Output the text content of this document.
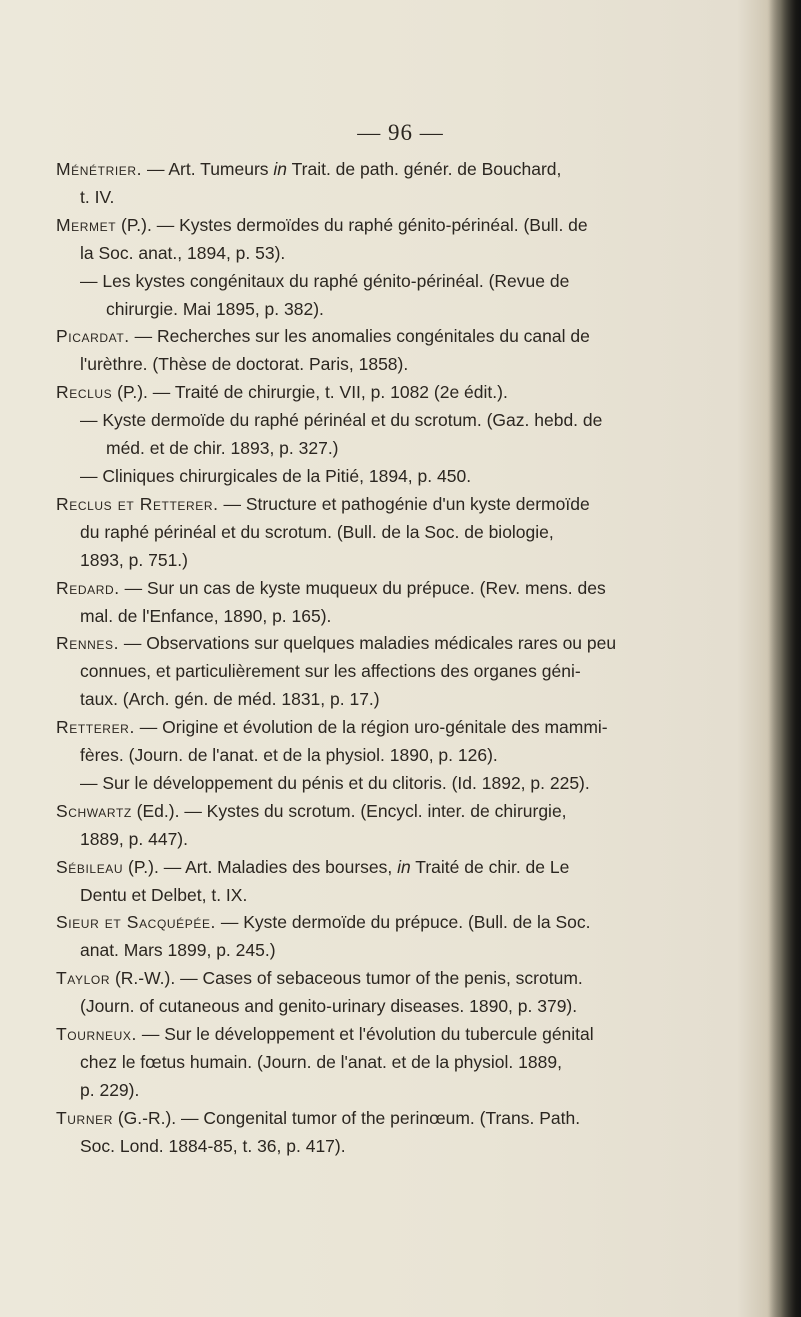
— 96 —
Ménétrier. — Art. Tumeurs in Trait. de path. génér. de Bouchard,
t. IV.
Mermet (P.). — Kystes dermoïdes du raphé génito-périnéal. (Bull. de
la Soc. anat., 1894, p. 53).
— Les kystes congénitaux du raphé génito-périnéal. (Revue de
chirurgie. Mai 1895, p. 382).
Picardat. — Recherches sur les anomalies congénitales du canal de
l'urèthre. (Thèse de doctorat. Paris, 1858).
Reclus (P.). — Traité de chirurgie, t. VII, p. 1082 (2e édit.).
— Kyste dermoïde du raphé périnéal et du scrotum. (Gaz. hebd. de
méd. et de chir. 1893, p. 327.)
— Cliniques chirurgicales de la Pitié, 1894, p. 450.
Reclus et Retterer. — Structure et pathogénie d'un kyste dermoïde
du raphé périnéal et du scrotum. (Bull. de la Soc. de biologie,
1893, p. 751.)
Redard. — Sur un cas de kyste muqueux du prépuce. (Rev. mens. des
mal. de l'Enfance, 1890, p. 165).
Rennes. — Observations sur quelques maladies médicales rares ou peu
connues, et particulièrement sur les affections des organes géni-
taux. (Arch. gén. de méd. 1831, p. 17.)
Retterer. — Origine et évolution de la région uro-génitale des mammi-
fères. (Journ. de l'anat. et de la physiol. 1890, p. 126).
— Sur le développement du pénis et du clitoris. (Id. 1892, p. 225).
Schwartz (Ed.). — Kystes du scrotum. (Encycl. inter. de chirurgie,
1889, p. 447).
Sébileau (P.). — Art. Maladies des bourses, in Traité de chir. de Le
Dentu et Delbet, t. IX.
Sieur et Sacquépée. — Kyste dermoïde du prépuce. (Bull. de la Soc.
anat. Mars 1899, p. 245.)
Taylor (R.-W.). — Cases of sebaceous tumor of the penis, scrotum.
(Journ. of cutaneous and genito-urinary diseases. 1890, p. 379).
Tourneux. — Sur le développement et l'évolution du tubercule génital
chez le fœtus humain. (Journ. de l'anat. et de la physiol. 1889,
p. 229).
Turner (G.-R.). — Congenital tumor of the perinœum. (Trans. Path.
Soc. Lond. 1884-85, t. 36, p. 417).
